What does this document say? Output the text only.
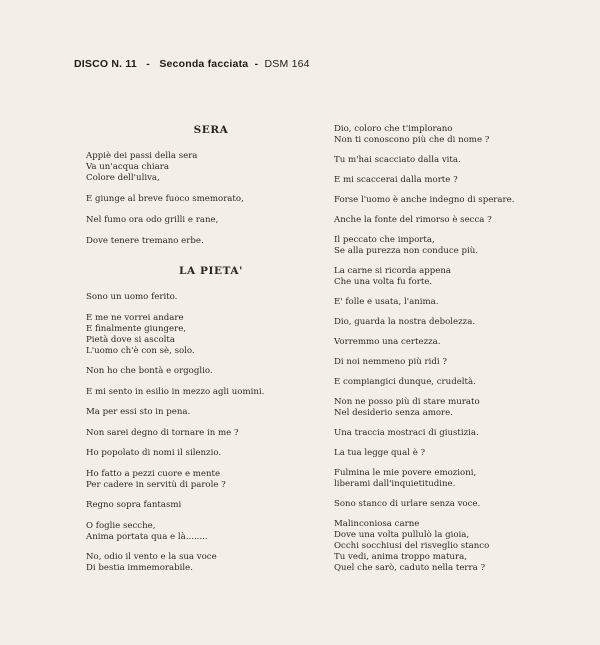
DISCO N. 11 - Seconda facciata - DSM 164
SERA

Appiè dei passi della sera
Va un'acqua chiara
Colore dell'uliva,

E giunge al breve fuoco smemorato,

Nel fumo ora odo grilli e rane,

Dove tenere tremano erbe.

LA PIETA'

Sono un uomo ferito.

E me ne vorrei andare
E finalmente giungere,
Pietà dove si ascolta
L'uomo ch'è con sè, solo.

Non ho che bontà e orgoglio.

E mi sento in esilio in mezzo agli uomini.

Ma per essi sto in pena.

Non sarei degno di tornare in me ?

Ho popolato di nomi il silenzio.

Ho fatto a pezzi cuore e mente
Per cadere in servitù di parole ?

Regno sopra fantasmi

O foglie secche,
Anima portata qua e là........

No, odio il vento e la sua voce
Di bestia immemorabile.

Dio, coloro che t'implorano
Non ti conoscono più che di nome ?

Tu m'hai scacciato dalla vita.

E mi scaccerai dalla morte ?

Forse l'uomo è anche indegno di sperare.

Anche la fonte del rimorso è secca ?

Il peccato che importa,
Se alla purezza non conduce più.

La carne si ricorda appena
Che una volta fu forte.

E' folle e usata, l'anima.

Dio, guarda la nostra debolezza.

Vorremmo una certezza.

Di noi nemmeno più ridi ?

E compiangici dunque, crudeltà.

Non ne posso più di stare murato
Nel desiderio senza amore.

Una traccia mostraci di giustizia.

La tua legge qual è ?

Fulmina le mie povere emozioni,
liberami dall'inquietitudine.

Sono stanco di urlare senza voce.

Malinconiosa carne
Dove una volta pullulò la gioia,
Occhi socchiusi del risveglio stanco
Tu vedi, anima troppo matura,
Quel che sarò, caduto nella terra ?
